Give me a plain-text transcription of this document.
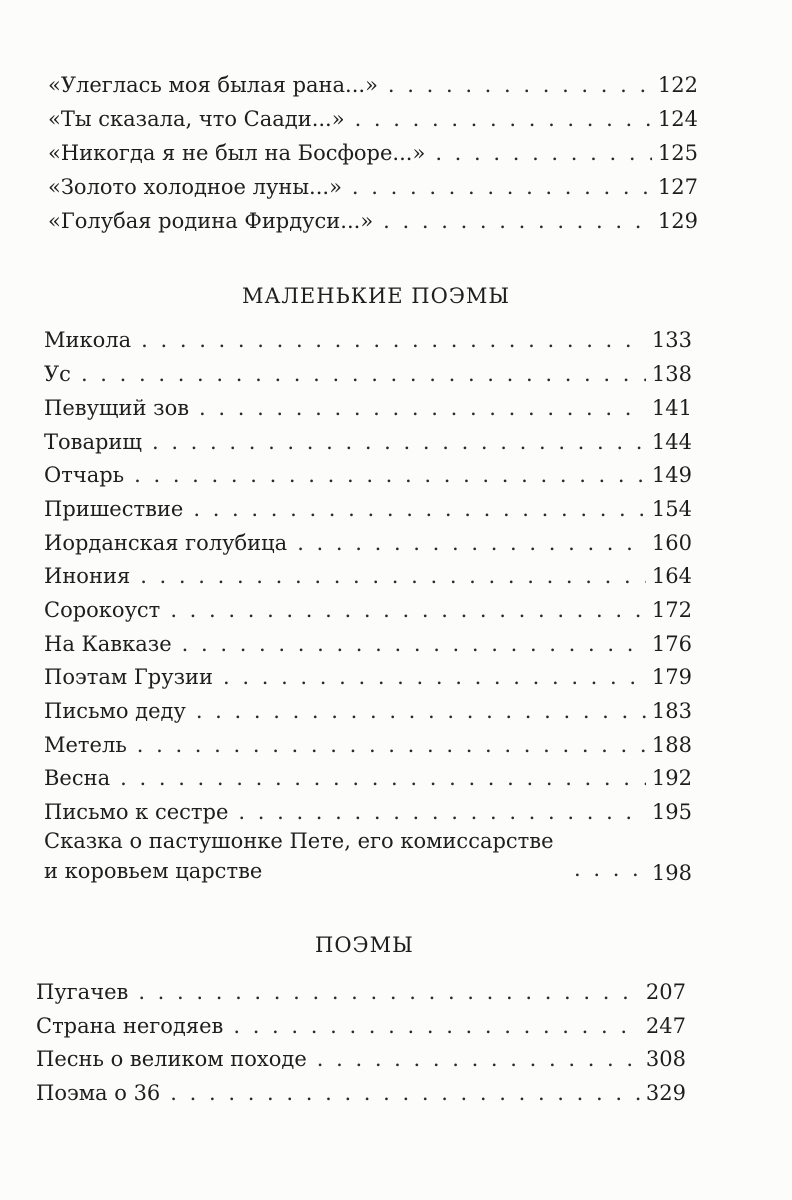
«Улеглась моя былая рана...» . . .	122
«Ты сказала, что Саади...» . . .	124
«Никогда я не был на Босфоре...» . . .	125
«Золото холодное луны...» . . .	127
«Голубая родина Фирдуси...» . . .	129
МАЛЕНЬКИЕ ПОЭМЫ
Микола . . .	133
Ус . . .	138
Певущий зов . . .	141
Товарищ . . .	144
Отчарь . . .	149
Пришествие . . .	154
Иорданская голубица . . .	160
Инония . . .	164
Сорокоуст . . .	172
На Кавказе . . .	176
Поэтам Грузии . . .	179
Письмо деду . . .	183
Метель . . .	188
Весна . . .	192
Письмо к сестре . . .	195
Сказка о пастушонке Пете, его комиссарстве и коровьем царстве . . .	198
ПОЭМЫ
Пугачев . . .	207
Страна негодяев . . .	247
Песнь о великом походе . . .	308
Поэма о 36 . . .	329
